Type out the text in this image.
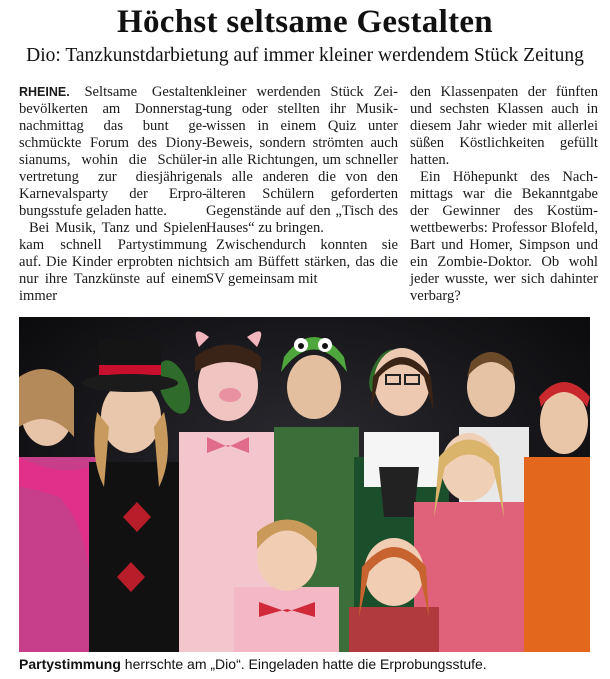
Höchst seltsame Gestalten
Dio: Tanzkunstdarbietung auf immer kleiner werdendem Stück Zeitung

RHEINE. Seltsame Gestalten bevölkerten am Donnerstagnachmittag das bunt geschmückte Forum des Dionysianums, wohin die Schülervertretung zur diesjährigen Karnevalsparty der Erprobungsstufe geladen hatte.

Bei Musik, Tanz und Spielen kam schnell Partystimmung auf. Die Kinder erprobten nicht nur ihre Tanzkünste auf einem immer

kleiner werdenden Stück Zeitung oder stellten ihr Musikwissen in einem Quiz unter Beweis, sondern strömten auch in alle Richtungen, um schneller als alle anderen die von den älteren Schülern geforderten Gegenstände auf den „Tisch des Hauses“ zu bringen.

Zwischendurch konnten sie sich am Büffett stärken, das die SV gemeinsam mit

den Klassenpaten der fünften und sechsten Klassen auch in diesem Jahr wieder mit allerlei süßen Köstlichkeiten gefüllt hatten.

Ein Höhepunkt des Nachmittags war die Bekanntgabe der Gewinner des Kostümwettbewerbs: Professor Blofeld, Bart und Homer, Simpson und ein Zombie-Doktor. Ob wohl jeder wusste, wer sich dahinter verbarg?

Partystimmung herrschte am „Dio“. Eingeladen hatte die Erprobungsstufe.
